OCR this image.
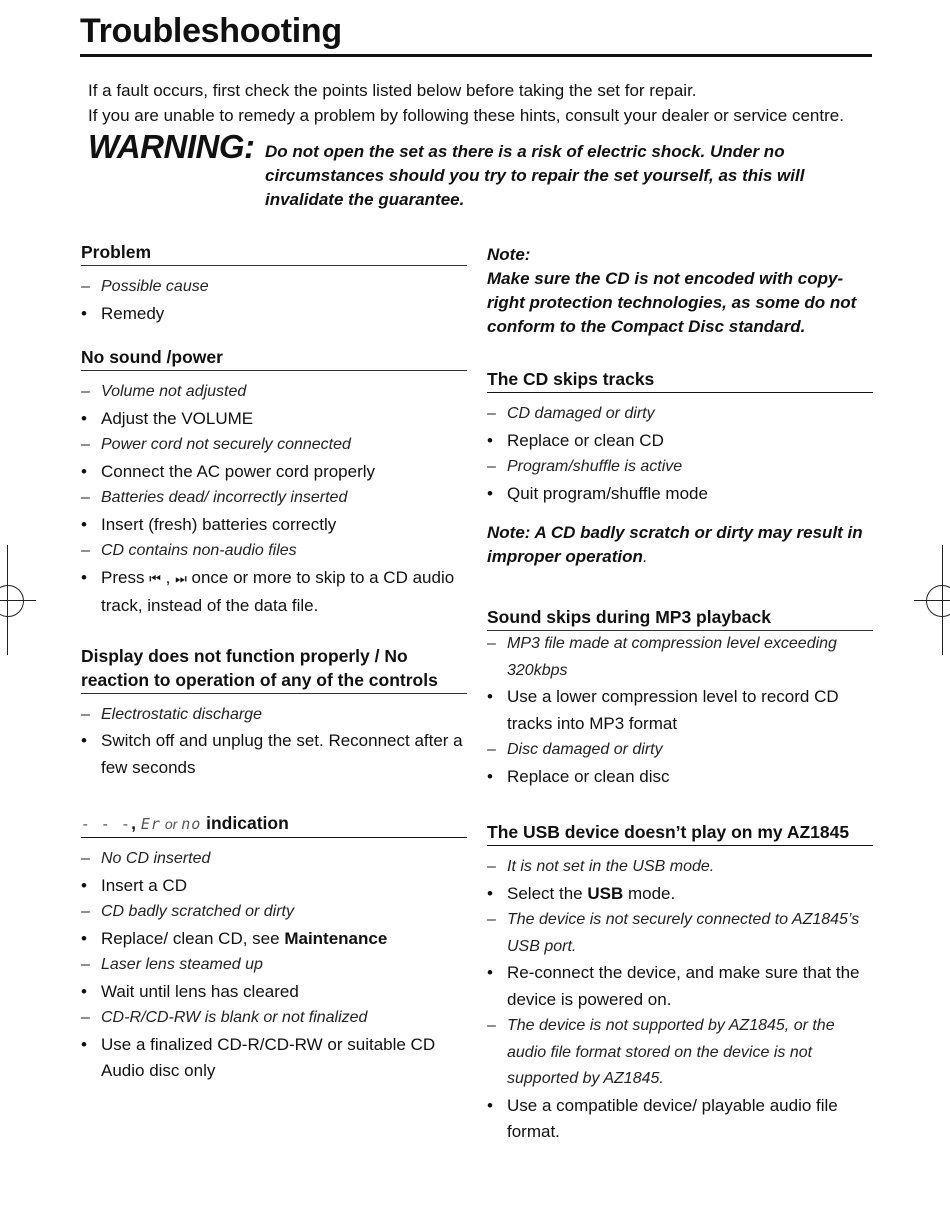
Troubleshooting

If a fault occurs, first check the points listed below before taking the set for repair.

If you are unable to remedy a problem by following these hints, consult your dealer or service centre.

WARNING: Do not open the set as there is a risk of electric shock. Under no circumstances should you try to repair the set yourself, as this will invalidate the guarantee.
Problem
– Possible cause
• Remedy
No sound /power
– Volume not adjusted
• Adjust the VOLUME
– Power cord not securely connected
• Connect the AC power cord properly
– Batteries dead/ incorrectly inserted
• Insert (fresh) batteries correctly
– CD contains non-audio files
• Press ⏮ , ⏭ once or more to skip to a CD audio track, instead of the data file.
Display does not function properly / No reaction to operation of any of the controls
– Electrostatic discharge
• Switch off and unplug the set. Reconnect after a few seconds
- - -, Er or no indication
– No CD inserted
• Insert a CD
– CD badly scratched or dirty
• Replace/ clean CD, see Maintenance
– Laser lens steamed up
• Wait until lens has cleared
– CD-R/CD-RW is blank or not finalized
• Use a finalized CD-R/CD-RW or suitable CD Audio disc only

Note:

Make sure the CD is not encoded with copy-right protection technologies, as some do not conform to the Compact Disc standard.

The CD skips tracks
– CD damaged or dirty
• Replace or clean CD
– Program/shuffle is active
• Quit program/shuffle mode

Note: A CD badly scratch or dirty may result in improper operation.

Sound skips during MP3 playback
– MP3 file made at compression level exceeding 320kbps
• Use a lower compression level to record CD tracks into MP3 format
– Disc damaged or dirty
• Replace or clean disc
The USB device doesn’t play on my AZ1845
– It is not set in the USB mode.
• Select the USB mode.
– The device is not securely connected to AZ1845’s USB port.
• Re-connect the device, and make sure that the device is powered on.
– The device is not supported by AZ1845, or the audio file format stored on the device is not supported by AZ1845.
• Use a compatible device/ playable audio file format.
